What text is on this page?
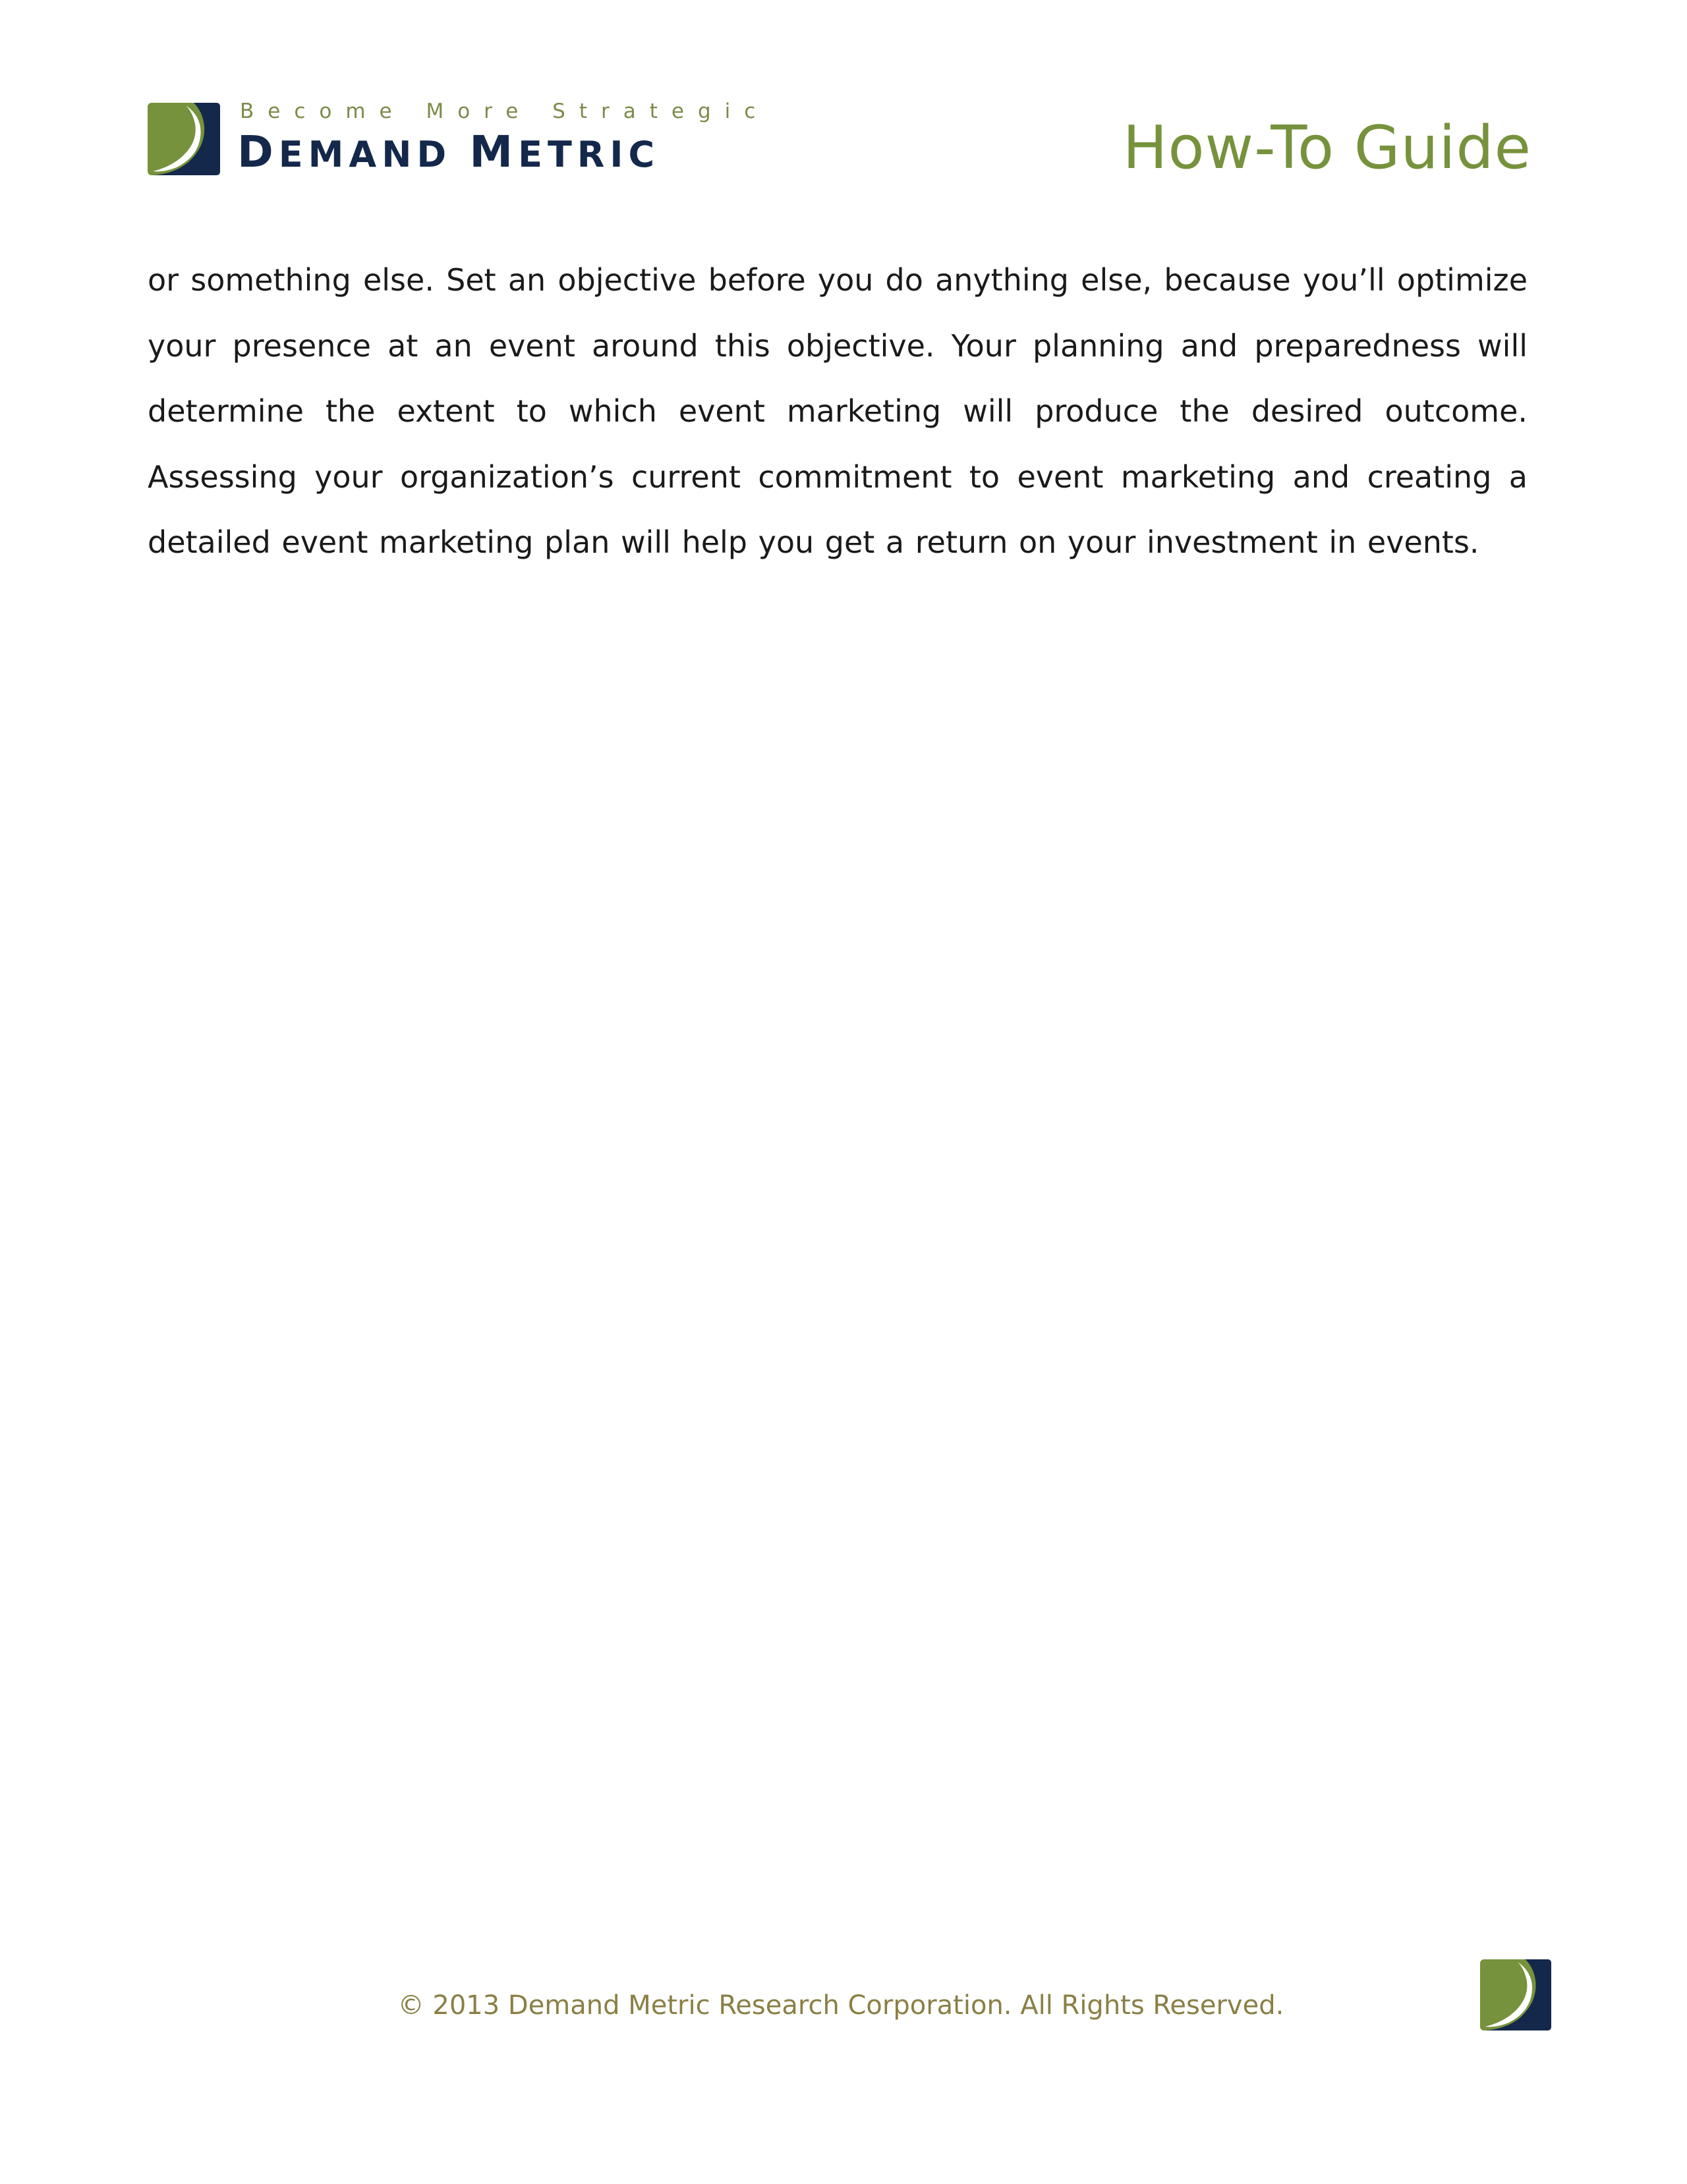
Become More Strategic
DEMAND METRIC	How-To Guide

or something else. Set an objective before you do anything else, because you’ll optimize your presence at an event around this objective. Your planning and preparedness will determine the extent to which event marketing will produce the desired outcome. Assessing your organization’s current commitment to event marketing and creating a detailed event marketing plan will help you get a return on your investment in events.

© 2013 Demand Metric Research Corporation. All Rights Reserved.
